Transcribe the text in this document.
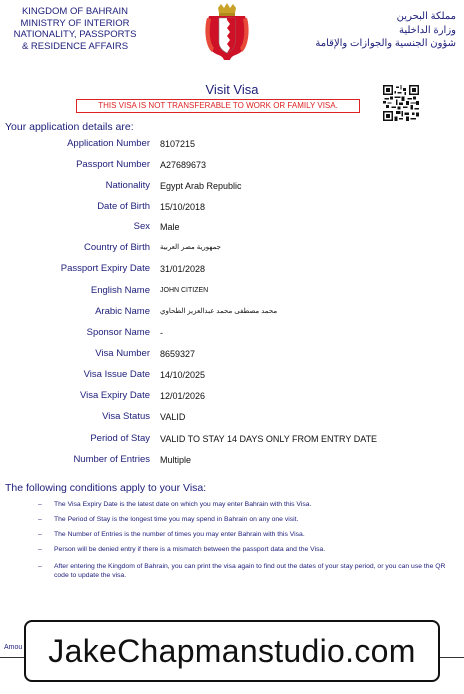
KINGDOM OF BAHRAIN
MINISTRY OF INTERIOR
NATIONALITY, PASSPORTS
& RESIDENCE AFFAIRS
مملكة البحرين
وزارة الداخلية
شؤون الجنسية والجوازات والإقامة
Visit Visa
THIS VISA IS NOT TRANSFERABLE TO WORK OR FAMILY VISA.
Your application details are:
Application Number 8107215
Passport Number A27689673
Nationality Egypt Arab Republic
Date of Birth 15/10/2018
Sex Male
Country of Birth جمهورية مصر العربية
Passport Expiry Date 31/01/2028
English Name JOHN CITIZEN
Arabic Name محمد مصطفى محمد عبدالعزيز الطحاوي
Sponsor Name -
Visa Number 8659327
Visa Issue Date 14/10/2025
Visa Expiry Date 12/01/2026
Visa Status VALID
Period of Stay VALID TO STAY 14 DAYS ONLY FROM ENTRY DATE
Number of Entries Multiple
The following conditions apply to your Visa:
– The Visa Expiry Date is the latest date on which you may enter Bahrain with this Visa.
– The Period of Stay is the longest time you may spend in Bahrain on any one visit.
– The Number of Entries is the number of times you may enter Bahrain with this Visa.
– Person will be denied entry if there is a mismatch between the passport data and the Visa.
– After entering the Kingdom of Bahrain, you can print the visa again to find out the dates of your stay period, or you can use the QR code to update the visa.
Amou JakeChapmanstudio.com
